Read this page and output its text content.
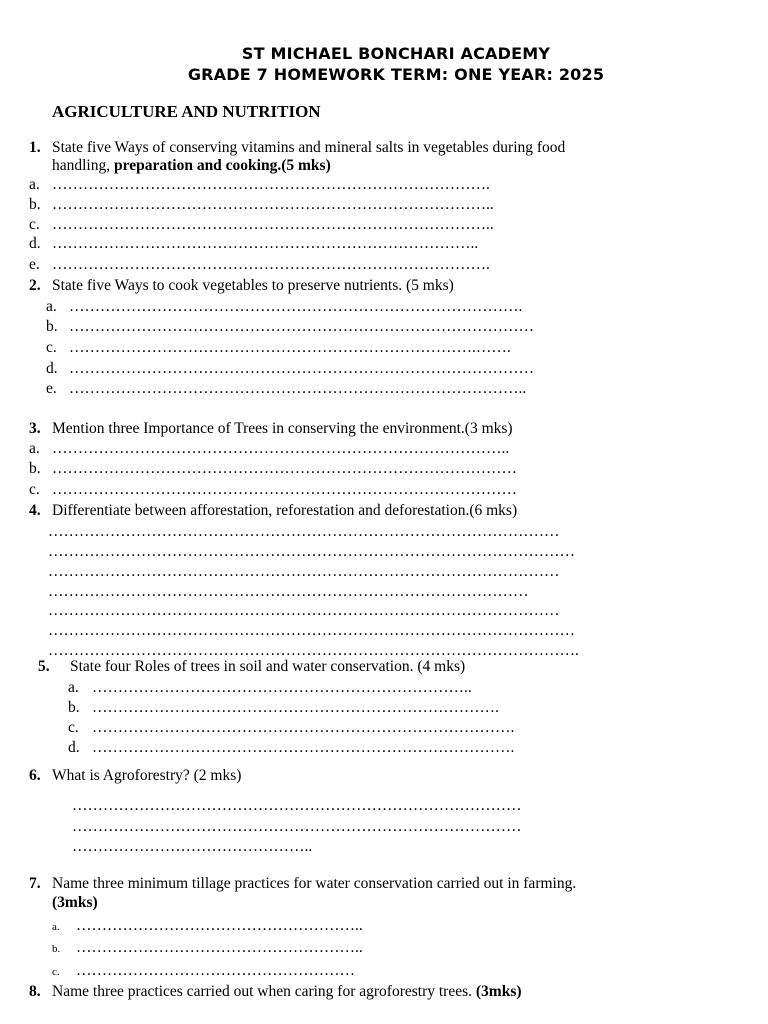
ST MICHAEL BONCHARI ACADEMY
GRADE 7 HOMEWORK TERM: ONE YEAR: 2025
AGRICULTURE AND NUTRITION
1. State five Ways of conserving vitamins and mineral salts in vegetables during food
handling, preparation and cooking.(5 mks)
a. ………………………………………………………………………….
b. …………………………………………………………………………..
c. …………………………………………………………………………..
d. ………………………………………………………………………..
e. ………………………………………………………………………….
2. State five Ways to cook vegetables to preserve nutrients. (5 mks)
a. …………………………………………………………………………….
b. ………………………………………………………………………………
c. …………………………………………………………………….…….
d. ………………………………………………………………………………
e. ……………………………………………………………………………..
3. Mention three Importance of Trees in conserving the environment.(3 mks)
a. ……………………………………………………………………………..
b. ………………………………………………………………………………
c. ………………………………………………………………………………
4. Differentiate between afforestation, reforestation and deforestation.(6 mks)
………………………………………………………………………………………
…………………………………………………………………………………………
………………………………………………………………………………………
…………………………………………………………………………………
………………………………………………………………………………………
…………………………………………………………………………………………
………………………………………………………………………………………….
5. State four Roles of trees in soil and water conservation. (4 mks)
a. ………………………………………………………………..
b. …………………………………………………………………….
c. ……………………………………………………………………….
d. ……………………………………………………………………….
6. What is Agroforestry? (2 mks)
……………………………………………………………………………
……………………………………………………………………………
………………………………………..
7. Name three minimum tillage practices for water conservation carried out in farming.
(3mks)
a. ………………………………………………..
b. ………………………………………………..
c. ………………………………………………
8. Name three practices carried out when caring for agroforestry trees. (3mks)
